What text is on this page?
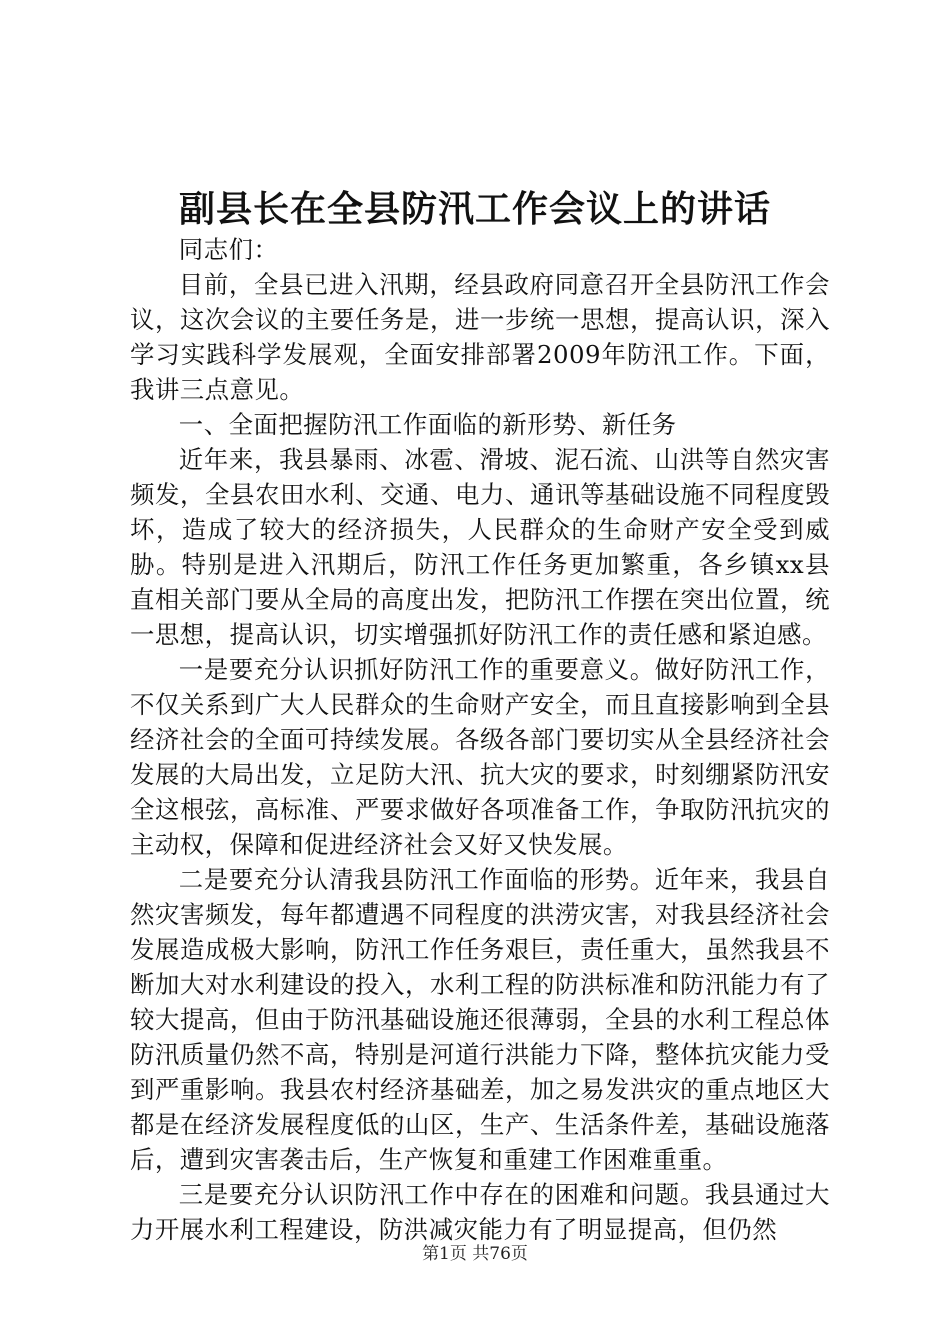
副县长在全县防汛工作会议上的讲话

同志们：

目前，全县已进入汛期，经县政府同意召开全县防汛工作会议，这次会议的主要任务是，进一步统一思想，提高认识，深入学习实践科学发展观，全面安排部署2009年防汛工作。下面，我讲三点意见。

一、全面把握防汛工作面临的新形势、新任务

近年来，我县暴雨、冰雹、滑坡、泥石流、山洪等自然灾害频发，全县农田水利、交通、电力、通讯等基础设施不同程度毁坏，造成了较大的经济损失，人民群众的生命财产安全受到威胁。特别是进入汛期后，防汛工作任务更加繁重，各乡镇xx县直相关部门要从全局的高度出发，把防汛工作摆在突出位置，统一思想，提高认识，切实增强抓好防汛工作的责任感和紧迫感。

一是要充分认识抓好防汛工作的重要意义。做好防汛工作，不仅关系到广大人民群众的生命财产安全，而且直接影响到全县经济社会的全面可持续发展。各级各部门要切实从全县经济社会发展的大局出发，立足防大汛、抗大灾的要求，时刻绷紧防汛安全这根弦，高标准、严要求做好各项准备工作，争取防汛抗灾的主动权，保障和促进经济社会又好又快发展。

二是要充分认清我县防汛工作面临的形势。近年来，我县自然灾害频发，每年都遭遇不同程度的洪涝灾害，对我县经济社会发展造成极大影响，防汛工作任务艰巨，责任重大，虽然我县不断加大对水利建设的投入，水利工程的防洪标准和防汛能力有了较大提高，但由于防汛基础设施还很薄弱，全县的水利工程总体防汛质量仍然不高，特别是河道行洪能力下降，整体抗灾能力受到严重影响。我县农村经济基础差，加之易发洪灾的重点地区大都是在经济发展程度低的山区，生产、生活条件差，基础设施落后，遭到灾害袭击后，生产恢复和重建工作困难重重。

三是要充分认识防汛工作中存在的困难和问题。我县通过大力开展水利工程建设，防洪减灾能力有了明显提高，但仍然

第1页 共76页
